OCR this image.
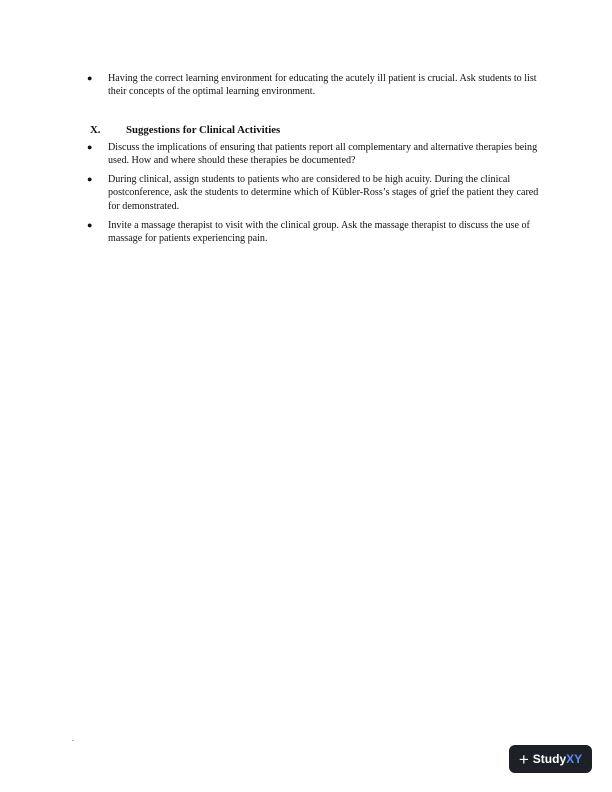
● Having the correct learning environment for educating the acutely ill patient is crucial. Ask students to list their concepts of the optimal learning environment.
X. Suggestions for Clinical Activities
● Discuss the implications of ensuring that patients report all complementary and alternative therapies being used. How and where should these therapies be documented?
● During clinical, assign students to patients who are considered to be high acuity. During the clinical postconference, ask the students to determine which of Kübler-Ross’s stages of grief the patient they cared for demonstrated.
● Invite a massage therapist to visit with the clinical group. Ask the massage therapist to discuss the use of massage for patients experiencing pain.
.
+ Study XY
